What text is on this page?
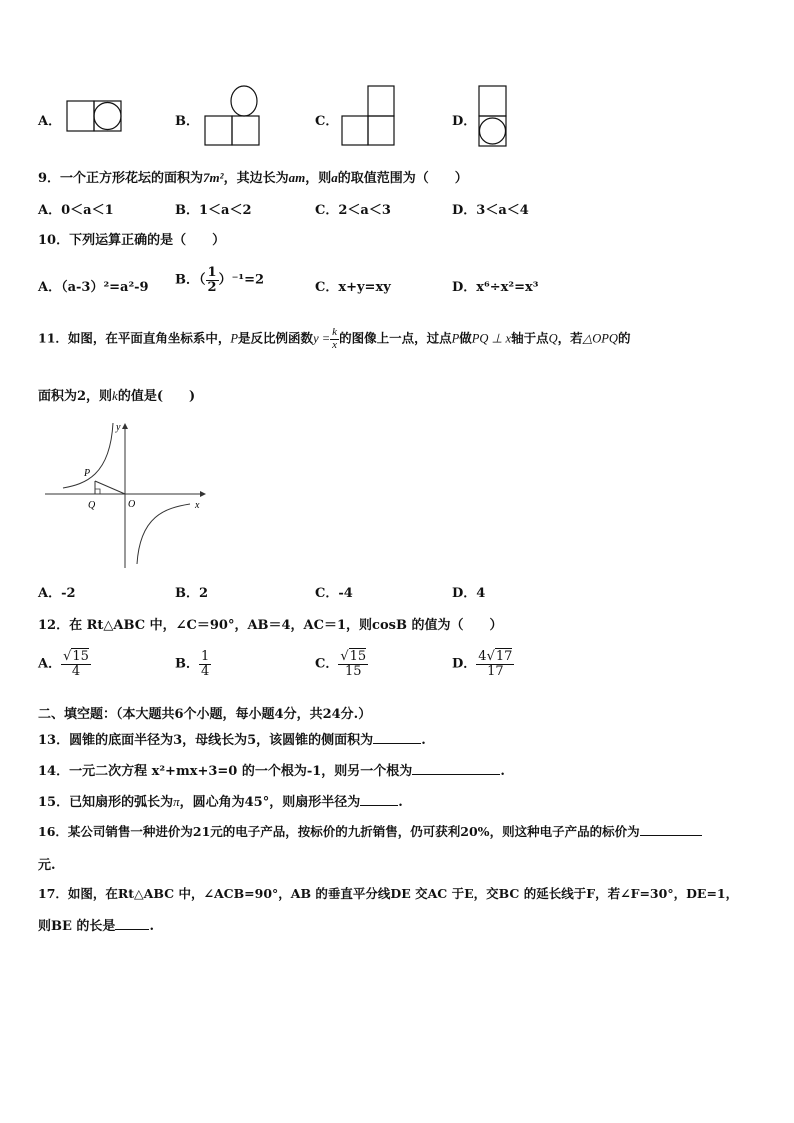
A．	B．	C．	D．
9．一个正方形花坛的面积为7m²，其边长为am，则a的取值范围为（　　）
A．0＜a＜1	B．1＜a＜2	C．2＜a＜3	D．3＜a＜4
10．下列运算正确的是（　　）
A．（a-3）²=a²-9 B．（ $\frac{1}{2} )^{-1}=2$	C．x+y=xy	D．x⁶÷x²=x³
11．如图，在平面直角坐标系中，P是反比例函数$y = \frac{k}{x}$ 的图像上一点，过点P做PQ ⊥ x轴于点Q，若△OPQ的
面积为2，则k的值是(　　)
y
x
O
P
Q
A．-2	B．2	C．-4	D．4
12．在 Rt△ABC 中，∠C＝90°，AB＝4，AC＝1，则cosB 的值为（　　）
A． $\frac{√15}{4}$	B． $\frac{1}{4}$	C． $\frac{√15}{15}$	D． $\frac{4√17}{17}$
二、填空题：（本大题共6个小题，每小题4分，共24分.）
13．圆锥的底面半径为3，母线长为5，该圆锥的侧面积为	.
14．一元二次方程 x²+mx+3=0 的一个根为-1，则另一个根为	.
15．已知扇形的弧长为π，圆心角为45°，则扇形半径为	.
16．某公司销售一种进价为21元的电子产品，按标价的九折销售，仍可获利20%，则这种电子产品的标价为
元.
17．如图，在Rt△ABC 中，∠ACB=90°，AB 的垂直平分线DE 交AC 于E，交BC 的延长线于F，若∠F=30°，DE=1，
则BE 的长是	.
